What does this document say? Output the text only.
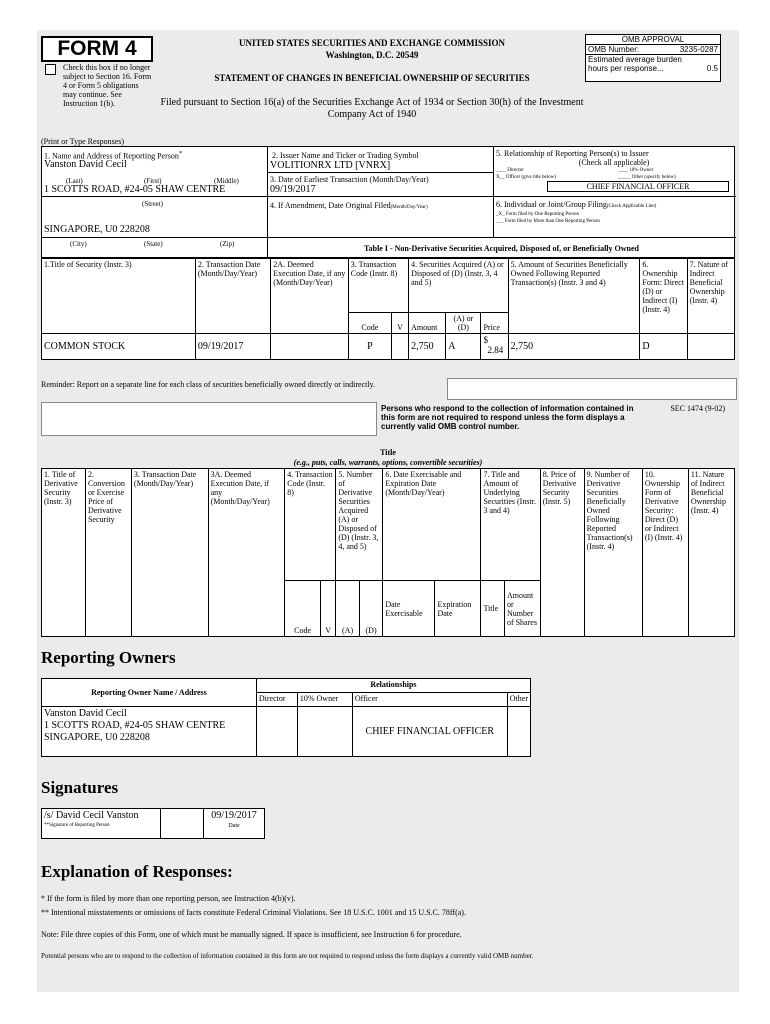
FORM 4
Check this box if no longer subject to Section 16. Form 4 or Form 5 obligations may continue. See Instruction 1(b).
UNITED STATES SECURITIES AND EXCHANGE COMMISSION
Washington, D.C. 20549
STATEMENT OF CHANGES IN BENEFICIAL OWNERSHIP OF SECURITIES
Filed pursuant to Section 16(a) of the Securities Exchange Act of 1934 or Section 30(h) of the Investment Company Act of 1940
OMB APPROVAL
OMB Number:	3235-0287
Estimated average burden
hours per response...	0.5
(Print or Type Responses)
1. Name and Address of Reporting Person*
Vanston David Cecil
(Last)	(First)	(Middle)
1 SCOTTS ROAD, #24-05 SHAW CENTRE
(Street)
SINGAPORE, U0 228208
(City)	(State)	(Zip)
2. Issuer Name and Ticker or Trading Symbol
VOLITIONRX LTD [VNRX]
3. Date of Earliest Transaction (Month/Day/Year)
09/19/2017
4. If Amendment, Date Original Filed(Month/Day/Year)
5. Relationship of Reporting Person(s) to Issuer
(Check all applicable)
____ Director	____ 10% Owner
X__ Officer (give title below)	_____ Other (specify below)
CHIEF FINANCIAL OFFICER
6. Individual or Joint/Group Filing(Check Applicable Line)
_X_ Form filed by One Reporting Person
___ Form filed by More than One Reporting Person
Table I - Non-Derivative Securities Acquired, Disposed of, or Beneficially Owned
1.Title of Security (Instr. 3)	2. Transaction Date (Month/Day/Year)	2A. Deemed Execution Date, if any (Month/Day/Year)	3. Transaction Code (Instr. 8)		4. Securities Acquired (A) or Disposed of (D) (Instr. 3, 4 and 5)			5. Amount of Securities Beneficially Owned Following Reported Transaction(s) (Instr. 3 and 4)	6. Ownership Form: Direct (D) or Indirect (I) (Instr. 4)	7. Nature of Indirect Beneficial Ownership (Instr. 4)
			Code	V	Amount	(A) or (D)	Price			
COMMON STOCK	09/19/2017		P		2,750	A	$
2.84	2,750	D	
Reminder: Report on a separate line for each class of securities beneficially owned directly or indirectly.
Persons who respond to the collection of information contained in this form are not required to respond unless the form displays a currently valid OMB control number.
SEC 1474 (9-02)
Title
(e.g., puts, calls, warrants, options, convertible securities)
1. Title of Derivative Security (Instr. 3)	2. Conversion or Exercise Price of Derivative Security	3. Transaction Date (Month/Day/Year)	3A. Deemed Execution Date, if any (Month/Day/Year)	4. Transaction Code (Instr. 8)		5. Number of Derivative Securities Acquired (A) or Disposed of (D) (Instr. 3, 4, and 5)		6. Date Exercisable and Expiration Date (Month/Day/Year)		7. Title and Amount of Underlying Securities (Instr. 3 and 4)		8. Price of Derivative Security (Instr. 5)	9. Number of Derivative Securities Beneficially Owned Following Reported Transaction(s) (Instr. 4)	10. Ownership Form of Derivative Security: Direct (D) or Indirect (I) (Instr. 4)	11. Nature of Indirect Beneficial Ownership (Instr. 4)
				Code	V	(A)	(D)	Date Exercisable	Expiration Date	Title	Amount or Number of Shares				
Reporting Owners
Reporting Owner Name / Address	Relationships			
	Director	10% Owner	Officer	Other

Vanston David Cecil
1 SCOTTS ROAD, #24-05 SHAW CENTRE
SINGAPORE, U0 228208			CHIEF FINANCIAL OFFICER	
Signatures
/s/ David Cecil Vanston
**Signature of Reporting Person

09/19/2017
Date
Explanation of Responses:
* If the form is filed by more than one reporting person, see Instruction 4(b)(v).
** Intentional misstatements or omissions of facts constitute Federal Criminal Violations. See 18 U.S.C. 1001 and 15 U.S.C. 78ff(a).
Note: File three copies of this Form, one of which must be manually signed. If space is insufficient, see Instruction 6 for procedure.
Potential persons who are to respond to the collection of information contained in this form are not required to respond unless the form displays a currently valid OMB number.
